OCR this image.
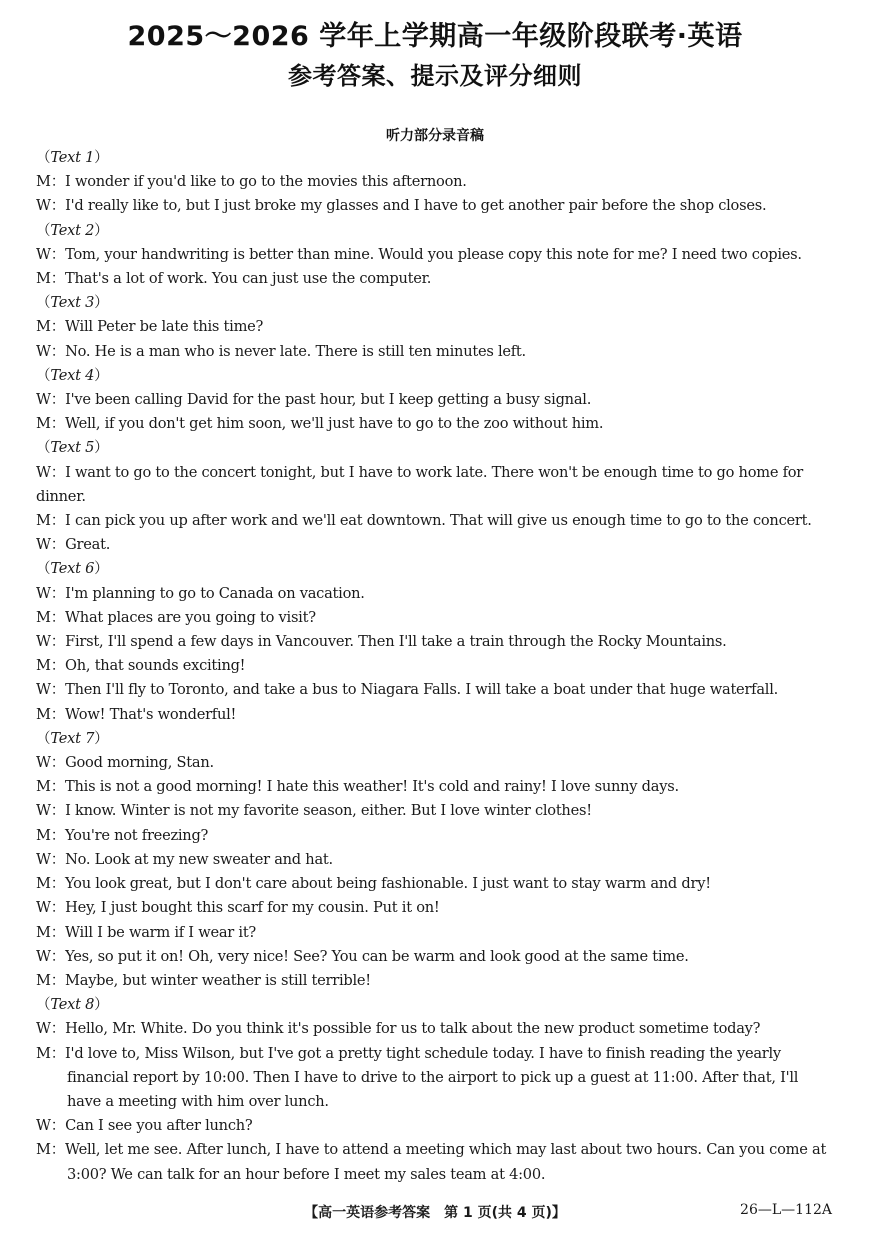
2025～2026 学年上学期高一年级阶段联考·英语
参考答案、提示及评分细则
听力部分录音稿

（Text 1）

M：I wonder if you'd like to go to the movies this afternoon.

W：I'd really like to, but I just broke my glasses and I have to get another pair before the shop closes.

（Text 2）

W：Tom, your handwriting is better than mine. Would you please copy this note for me? I need two copies.

M：That's a lot of work. You can just use the computer.

（Text 3）

M：Will Peter be late this time?

W：No. He is a man who is never late. There is still ten minutes left.

（Text 4）

W：I've been calling David for the past hour, but I keep getting a busy signal.

M：Well, if you don't get him soon, we'll just have to go to the zoo without him.

（Text 5）

W：I want to go to the concert tonight, but I have to work late. There won't be enough time to go home for dinner.

M：I can pick you up after work and we'll eat downtown. That will give us enough time to go to the concert.

W：Great.

（Text 6）

W：I'm planning to go to Canada on vacation.

M：What places are you going to visit?

W：First, I'll spend a few days in Vancouver. Then I'll take a train through the Rocky Mountains.

M：Oh, that sounds exciting!

W：Then I'll fly to Toronto, and take a bus to Niagara Falls. I will take a boat under that huge waterfall.

M：Wow! That's wonderful!

（Text 7）

W：Good morning, Stan.

M：This is not a good morning! I hate this weather! It's cold and rainy! I love sunny days.

W：I know. Winter is not my favorite season, either. But I love winter clothes!

M：You're not freezing?

W：No. Look at my new sweater and hat.

M：You look great, but I don't care about being fashionable. I just want to stay warm and dry!

W：Hey, I just bought this scarf for my cousin. Put it on!

M：Will I be warm if I wear it?

W：Yes, so put it on! Oh, very nice! See? You can be warm and look good at the same time.

M：Maybe, but winter weather is still terrible!

（Text 8）

W：Hello, Mr. White. Do you think it's possible for us to talk about the new product sometime today?

M：I'd love to, Miss Wilson, but I've got a pretty tight schedule today. I have to finish reading the yearly financial report by 10:00. Then I have to drive to the airport to pick up a guest at 11:00. After that, I'll have a meeting with him over lunch.

W：Can I see you after lunch?

M：Well, let me see. After lunch, I have to attend a meeting which may last about two hours. Can you come at 3:00? We can talk for an hour before I meet my sales team at 4:00.

【高一英语参考答案　第 1 页(共 4 页)】	26—L—112A
